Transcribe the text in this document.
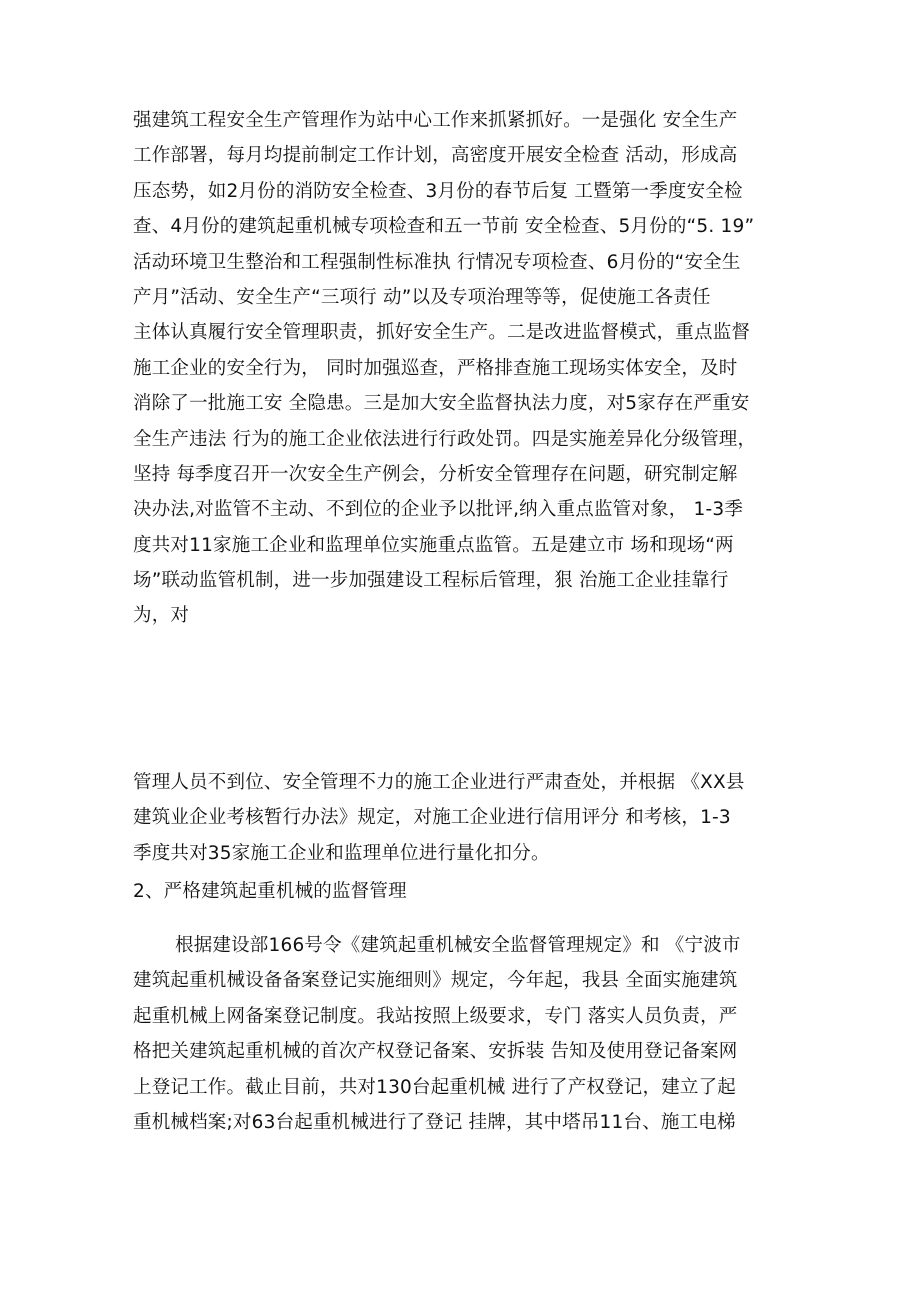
强建筑工程安全生产管理作为站中心工作来抓紧抓好。一是强化 安全生产
工作部署，每月均提前制定工作计划，高密度开展安全检查 活动，形成高
压态势，如2月份的消防安全检查、3月份的春节后复 工暨第一季度安全检
查、4月份的建筑起重机械专项检查和五一节前 安全检查、5月份的“5. 19”
活动环境卫生整治和工程强制性标准执 行情况专项检查、6月份的“安全生
产月”活动、安全生产“三项行 动”以及专项治理等等，促使施工各责任
主体认真履行安全管理职责，抓好安全生产。二是改进监督模式，重点监督
施工企业的安全行为， 同时加强巡查，严格排查施工现场实体安全，及时
消除了一批施工安 全隐患。三是加大安全监督执法力度，对5家存在严重安
全生产违法 行为的施工企业依法进行行政处罚。四是实施差异化分级管理，
坚持 每季度召开一次安全生产例会，分析安全管理存在问题，研究制定解
决办法,对监管不主动、不到位的企业予以批评,纳入重点监管对象， 1-3季
度共对11家施工企业和监理单位实施重点监管。五是建立市 场和现场“两
场”联动监管机制，进一步加强建设工程标后管理，狠 治施工企业挂靠行
为，对
管理人员不到位、安全管理不力的施工企业进行严肃查处，并根据 《XX县
建筑业企业考核暂行办法》规定，对施工企业进行信用评分 和考核，1-3
季度共对35家施工企业和监理单位进行量化扣分。
2、严格建筑起重机械的监督管理
根据建设部166号令《建筑起重机械安全监督管理规定》和 《宁波市
建筑起重机械设备备案登记实施细则》规定，今年起，我县 全面实施建筑
起重机械上网备案登记制度。我站按照上级要求，专门 落实人员负责，严
格把关建筑起重机械的首次产权登记备案、安拆装 告知及使用登记备案网
上登记工作。截止目前，共对130台起重机械 进行了产权登记，建立了起
重机械档案;对63台起重机械进行了登记 挂牌，其中塔吊11台、施工电梯
